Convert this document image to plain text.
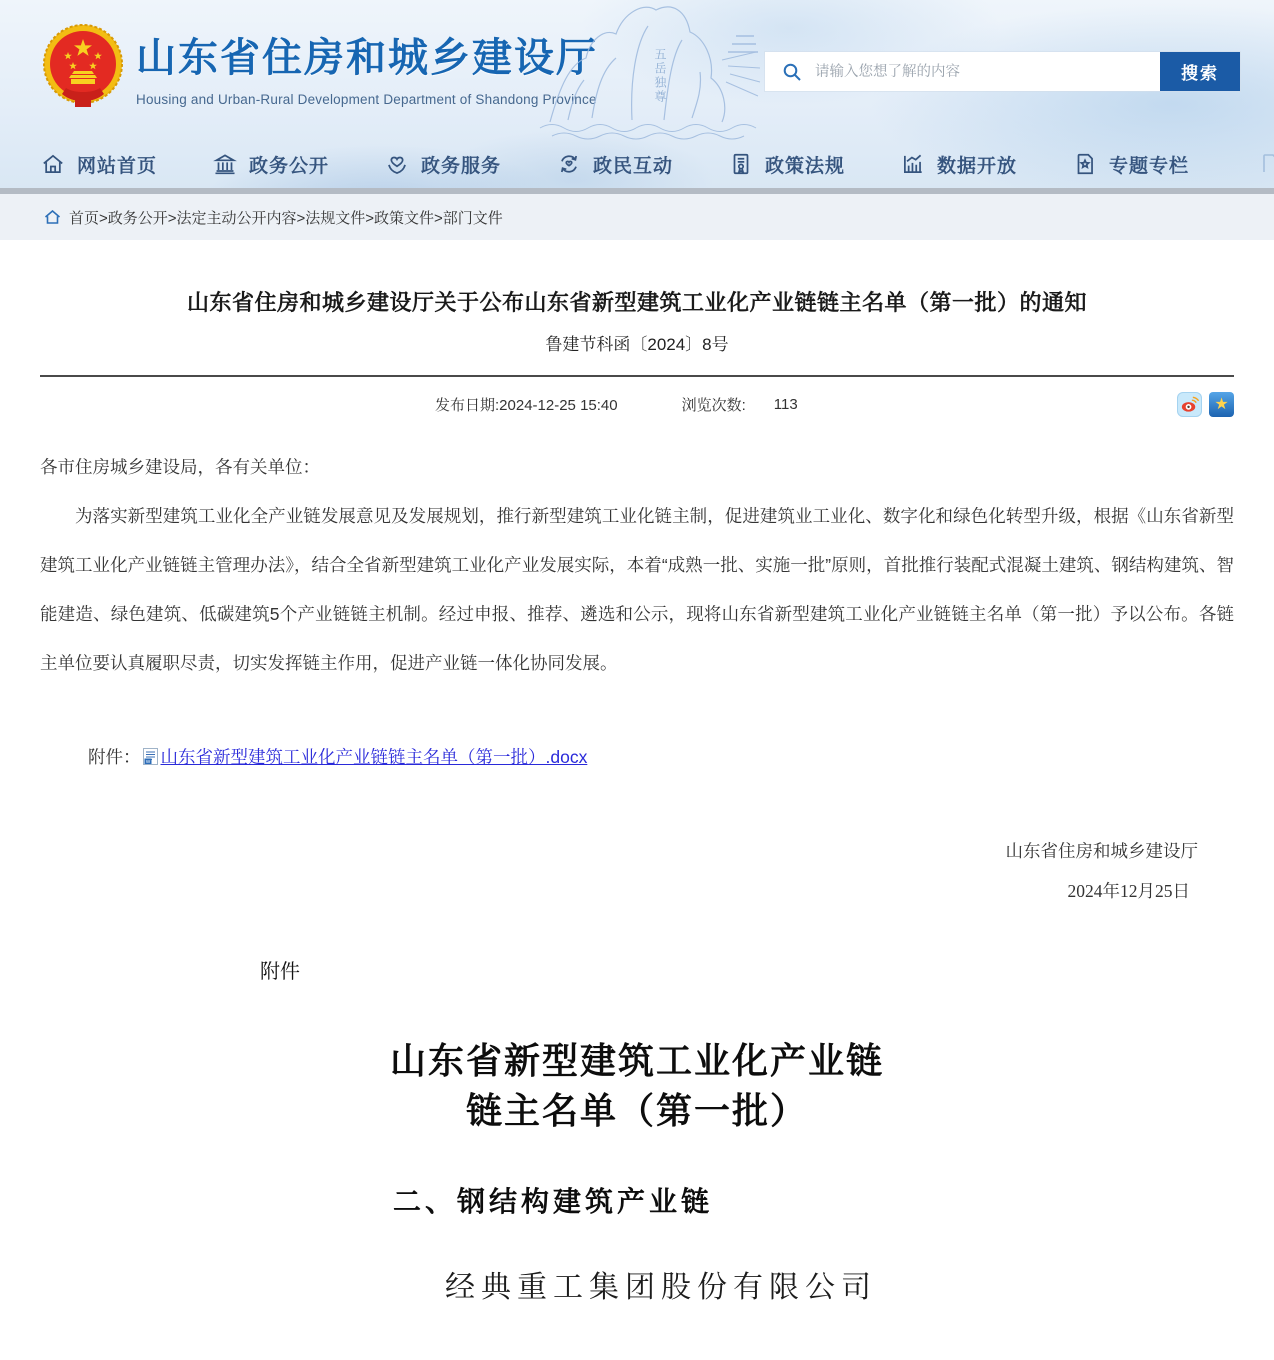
山东省住房和城乡建设厅
Housing and Urban-Rural Development Department of Shandong Province	五岳独尊
请输入您想了解的内容	搜索
网站首页	政务公开	政务服务	政民互动	政策法规	数据开放	专题专栏
首页>政务公开>法定主动公开内容>法规文件>政策文件>部门文件
山东省住房和城乡建设厅关于公布山东省新型建筑工业化产业链链主名单（第一批）的通知
鲁建节科函〔2024〕8号
发布日期:2024-12-25 15:40	浏览次数: 113	★

各市住房城乡建设局，各有关单位：

为落实新型建筑工业化全产业链发展意见及发展规划，推行新型建筑工业化链主制，促进建筑业工业化、数字化和绿色化转型升级，根据《山东省新型建筑工业化产业链链主管理办法》，结合全省新型建筑工业化产业发展实际，本着“成熟一批、实施一批”原则，首批推行装配式混凝土建筑、钢结构建筑、智能建造、绿色建筑、低碳建筑5个产业链链主机制。经过申报、推荐、遴选和公示，现将山东省新型建筑工业化产业链链主名单（第一批）予以公布。各链主单位要认真履职尽责，切实发挥链主作用，促进产业链一体化协同发展。

附件： W 山东省新型建筑工业化产业链链主名单（第一批）.docx
山东省住房和城乡建设厅
2024年12月25日
附件
山东省新型建筑工业化产业链
链主名单（第一批）
二、钢结构建筑产业链
经典重工集团股份有限公司
